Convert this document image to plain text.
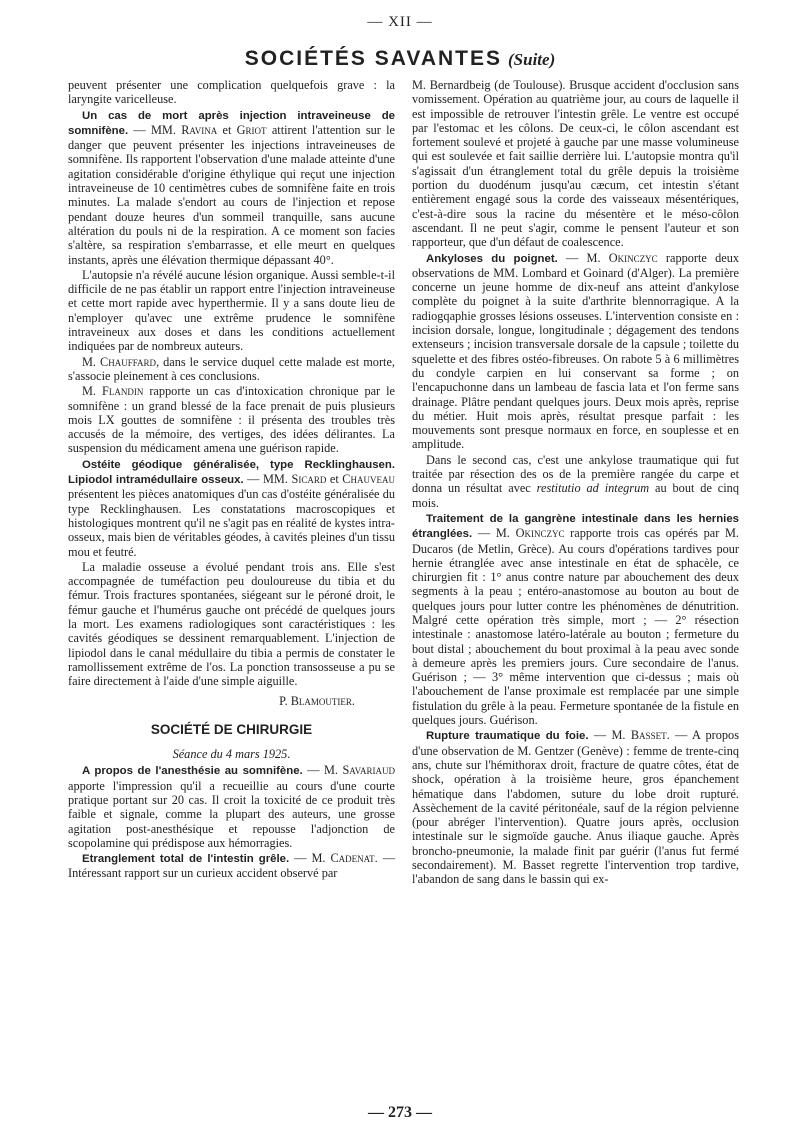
— XII —
SOCIÉTÉS SAVANTES (Suite)

peuvent présenter une complication quelquefois grave : la laryngite varicelleuse.

Un cas de mort après injection intraveineuse de somnifène. — MM. Ravina et Griot attirent l'attention sur le danger que peuvent présenter les injections intraveineuses de somnifène. Ils rapportent l'observation d'une malade atteinte d'une agitation considérable d'origine éthylique qui reçut une injection intraveineuse de 10 centimètres cubes de somnifène faite en trois minutes. La malade s'endort au cours de l'injection et repose pendant douze heures d'un sommeil tranquille, sans aucune altération du pouls ni de la respiration. A ce moment son facies s'altère, sa respiration s'embarrasse, et elle meurt en quelques instants, après une élévation thermique dépassant 40°.

L'autopsie n'a révélé aucune lésion organique. Aussi semble-t-il difficile de ne pas établir un rapport entre l'injection intraveineuse et cette mort rapide avec hyperthermie. Il y a sans doute lieu de n'employer qu'avec une extrême prudence le somnifène intraveineux aux doses et dans les conditions actuellement indiquées par de nombreux auteurs.

M. Chauffard, dans le service duquel cette malade est morte, s'associe pleinement à ces conclusions.

M. Flandin rapporte un cas d'intoxication chronique par le somnifène : un grand blessé de la face prenait de puis plusieurs mois LX gouttes de somnifène : il présenta des troubles très accusés de la mémoire, des vertiges, des idées délirantes. La suspension du médicament amena une guérison rapide.

Ostéite géodique généralisée, type Recklinghausen. Lipiodol intramédullaire osseux. — MM. Sicard et Chauveau présentent les pièces anatomiques d'un cas d'ostéite généralisée du type Recklinghausen. Les constatations macroscopiques et histologiques montrent qu'il ne s'agit pas en réalité de kystes intra-osseux, mais bien de véritables géodes, à cavités pleines d'un tissu mou et feutré.

La maladie osseuse a évolué pendant trois ans. Elle s'est accompagnée de tuméfaction peu douloureuse du tibia et du fémur. Trois fractures spontanées, siégeant sur le péroné droit, le fémur gauche et l'humérus gauche ont précédé de quelques jours la mort. Les examens radiologiques sont caractéristiques : les cavités géodiques se dessinent remarquablement. L'injection de lipiodol dans le canal médullaire du tibia a permis de constater le ramollissement extrême de l'os. La ponction transosseuse a pu se faire directement à l'aide d'une simple aiguille.

P. Blamoutier.

SOCIÉTÉ DE CHIRURGIE

Séance du 4 mars 1925.

A propos de l'anesthésie au somnifène. — M. Savariaud apporte l'impression qu'il a recueillie au cours d'une courte pratique portant sur 20 cas. Il croit la toxicité de ce produit très faible et signale, comme la plupart des auteurs, une grosse agitation post-anesthésique et repousse l'adjonction de scopolamine qui prédispose aux hémorragies.

Etranglement total de l'intestin grêle. — M. Cadenat. — Intéressant rapport sur un curieux accident observé par

M. Bernardbeig (de Toulouse). Brusque accident d'occlusion sans vomissement. Opération au quatrième jour, au cours de laquelle il est impossible de retrouver l'intestin grêle. Le ventre est occupé par l'estomac et les côlons. De ceux-ci, le côlon ascendant est fortement soulevé et projeté à gauche par une masse volumineuse qui est soulevée et fait saillie derrière lui. L'autopsie montra qu'il s'agissait d'un étranglement total du grêle depuis la troisième portion du duodénum jusqu'au cæcum, cet intestin s'étant entièrement engagé sous la corde des vaisseaux mésentériques, c'est-à-dire sous la racine du mésentère et le méso-côlon ascendant. Il ne peut s'agir, comme le pensent l'auteur et son rapporteur, que d'un défaut de coalescence.

Ankyloses du poignet. — M. Okinczyc rapporte deux observations de MM. Lombard et Goinard (d'Alger). La première concerne un jeune homme de dix-neuf ans atteint d'ankylose complète du poignet à la suite d'arthrite blennorragique. A la radiogqaphie grosses lésions osseuses. L'intervention consiste en : incision dorsale, longue, longitudinale ; dégagement des tendons extenseurs ; incision transversale dorsale de la capsule ; toilette du squelette et des fibres ostéo-fibreuses. On rabote 5 à 6 millimètres du condyle carpien en lui conservant sa forme ; on l'encapuchonne dans un lambeau de fascia lata et l'on ferme sans drainage. Plâtre pendant quelques jours. Deux mois après, reprise du métier. Huit mois après, résultat presque parfait : les mouvements sont presque normaux en force, en souplesse et en amplitude.

Dans le second cas, c'est une ankylose traumatique qui fut traitée par résection des os de la première rangée du carpe et donna un résultat avec restitutio ad integrum au bout de cinq mois.

Traitement de la gangrène intestinale dans les hernies étranglées. — M. Okinczyc rapporte trois cas opérés par M. Ducaros (de Metlin, Grèce). Au cours d'opérations tardives pour hernie étranglée avec anse intestinale en état de sphacèle, ce chirurgien fit : 1° anus contre nature par abouchement des deux segments à la peau ; entéro-anastomose au bouton au bout de quelques jours pour lutter contre les phénomènes de dénutrition. Malgré cette opération très simple, mort ; — 2° résection intestinale : anastomose latéro-latérale au bouton ; fermeture du bout distal ; abouchement du bout proximal à la peau avec sonde à demeure après les premiers jours. Cure secondaire de l'anus. Guérison ; — 3° même intervention que ci-dessus ; mais où l'abouchement de l'anse proximale est remplacée par une simple fistulation du grêle à la peau. Fermeture spontanée de la fistule en quelques jours. Guérison.

Rupture traumatique du foie. — M. Basset. — A propos d'une observation de M. Gentzer (Genève) : femme de trente-cinq ans, chute sur l'hémithorax droit, fracture de quatre côtes, état de shock, opération à la troisième heure, gros épanchement hématique dans l'abdomen, suture du lobe droit rupturé. Assèchement de la cavité péritonéale, sauf de la région pelvienne (pour abréger l'intervention). Quatre jours après, occlusion intestinale sur le sigmoïde gauche. Anus iliaque gauche. Après broncho-pneumonie, la malade finit par guérir (l'anus fut fermé secondairement). M. Basset regrette l'intervention trop tardive, l'abandon de sang dans le bassin qui ex-

— 273 —
